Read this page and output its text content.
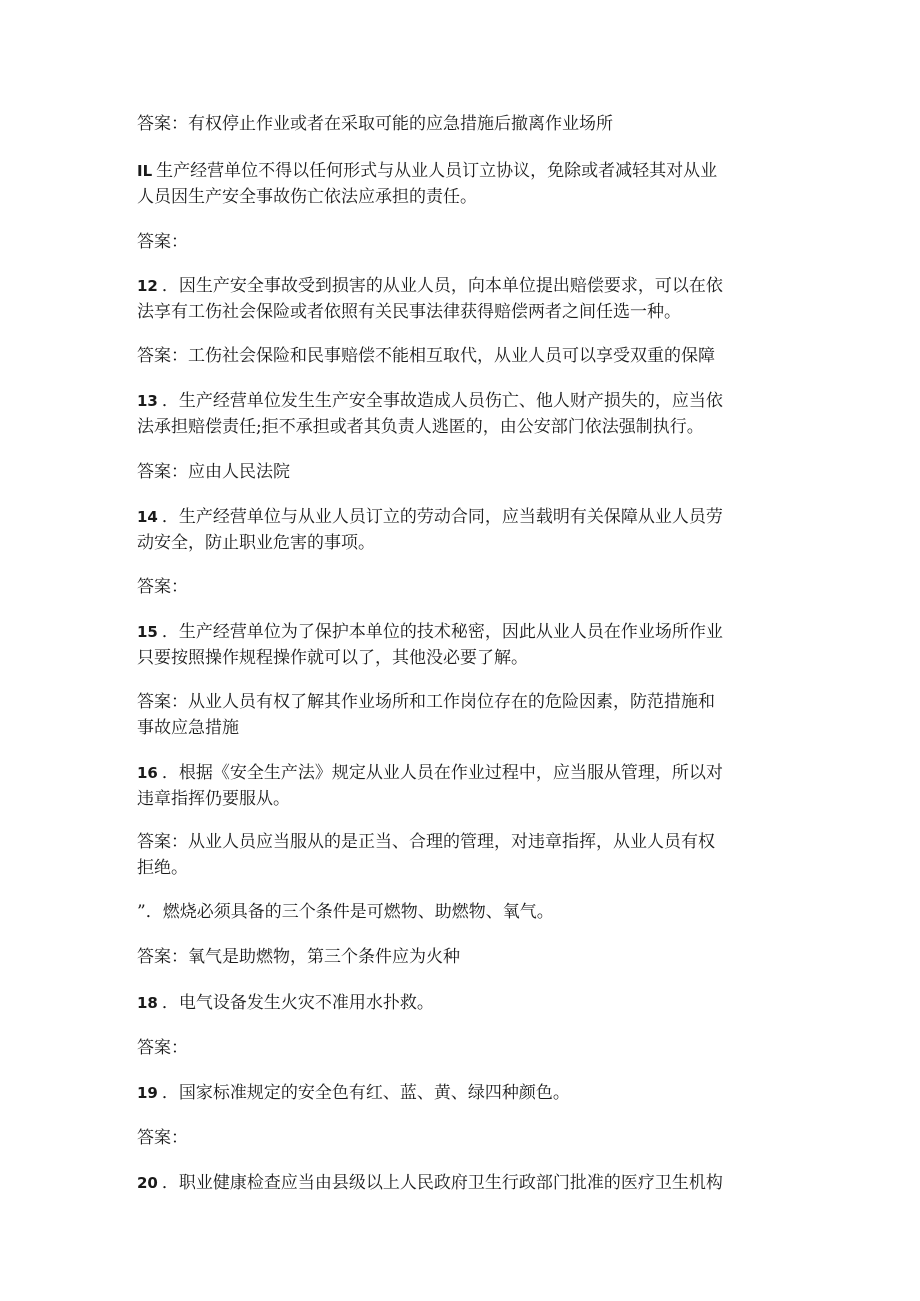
答案：有权停止作业或者在采取可能的应急措施后撤离作业场所

IL 生产经营单位不得以任何形式与从业人员订立协议，免除或者减轻其对从业
人员因生产安全事故伤亡依法应承担的责任。

答案：

12 ．因生产安全事故受到损害的从业人员，向本单位提出赔偿要求，可以在依
法享有工伤社会保险或者依照有关民事法律获得赔偿两者之间任选一种。

答案：工伤社会保险和民事赔偿不能相互取代，从业人员可以享受双重的保障

13 ．生产经营单位发生生产安全事故造成人员伤亡、他人财产损失的，应当依
法承担赔偿责任;拒不承担或者其负责人逃匿的，由公安部门依法强制执行。

答案：应由人民法院

14 ．生产经营单位与从业人员订立的劳动合同，应当载明有关保障从业人员劳
动安全，防止职业危害的事项。

答案：

15 ．生产经营单位为了保护本单位的技术秘密，因此从业人员在作业场所作业
只要按照操作规程操作就可以了，其他没必要了解。

答案：从业人员有权了解其作业场所和工作岗位存在的危险因素，防范措施和
事故应急措施

16 ．根据《安全生产法》规定从业人员在作业过程中，应当服从管理，所以对
违章指挥仍要服从。

答案：从业人员应当服从的是正当、合理的管理，对违章指挥，从业人员有权
拒绝。

”．燃烧必须具备的三个条件是可燃物、助燃物、氧气。

答案：氧气是助燃物，第三个条件应为火种

18 ．电气设备发生火灾不准用水扑救。

答案：

19 ．国家标准规定的安全色有红、蓝、黄、绿四种颜色。

答案：

20 ．职业健康检查应当由县级以上人民政府卫生行政部门批准的医疗卫生机构
